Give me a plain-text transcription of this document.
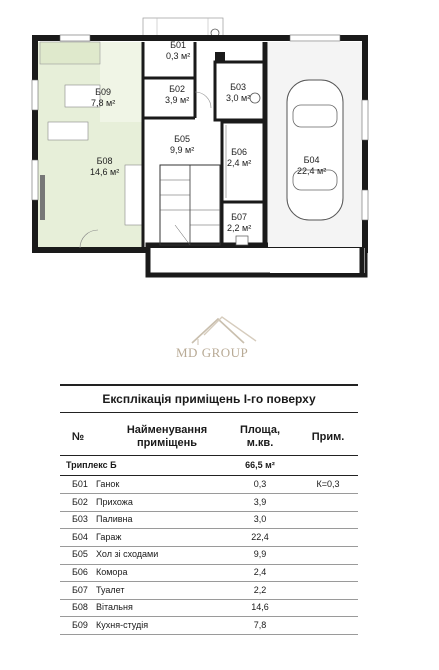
Б01
0,3 м²
Б02
3,9 м²
Б03
3,0 м²
Б04
22,4 м²
Б05
9,9 м²	Б06
2,4 м²
Б07
2,2 м²
Б08
14,6 м²
Б09
7,8 м²
MD GROUP
Експлікація приміщень І-го поверху
№
Найменування приміщень
Площа, м.кв.	Прим.
Триплекс Б	66,5 м²
Б01 Ганок	0,3	К=0,3
Б02 Прихожа	3,9
Б03 Паливна	3,0
Б04 Гараж	22,4
Б05 Хол зі сходами	9,9
Б06 Комора	2,4
Б07 Туалет	2,2
Б08 Вітальня	14,6
Б09 Кухня-студія	7,8
